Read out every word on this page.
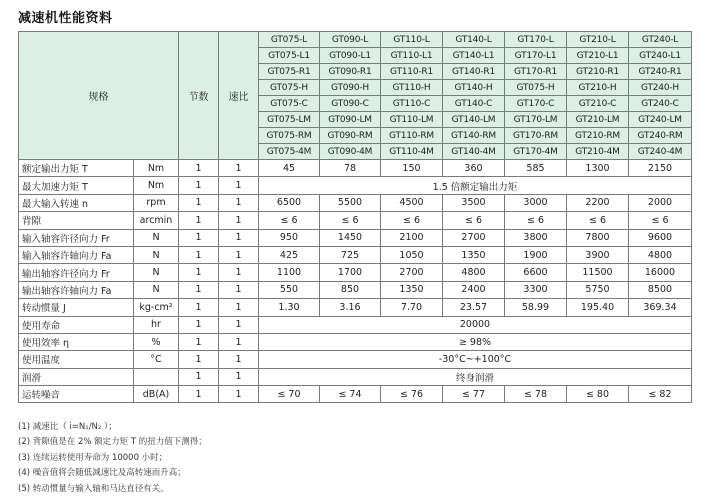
减速机性能资料
规格		节数	速比	GT075-L	GT090-L	GT110-L	GT140-L	GT170-L	GT210-L	GT240-L
				GT075-L1	GT090-L1	GT110-L1	GT140-L1	GT170-L1	GT210-L1	GT240-L1
				GT075-R1	GT090-R1	GT110-R1	GT140-R1	GT170-R1	GT210-R1	GT240-R1
				GT075-H	GT090-H	GT110-H	GT140-H	GT075-H	GT210-H	GT240-H
				GT075-C	GT090-C	GT110-C	GT140-C	GT170-C	GT210-C	GT240-C
				GT075-LM	GT090-LM	GT110-LM	GT140-LM	GT170-LM	GT210-LM	GT240-LM
				GT075-RM	GT090-RM	GT110-RM	GT140-RM	GT170-RM	GT210-RM	GT240-RM
				GT075-4M	GT090-4M	GT110-4M	GT140-4M	GT170-4M	GT210-4M	GT240-4M
额定输出力矩 T	Nm	1	1	45	78	150	360	585	1300	2150
最大加速力矩 T	Nm	1	1	1.5 倍额定输出力矩						
最大输入转速 n	rpm	1	1	6500	5500	4500	3500	3000	2200	2000
背隙	arcmin	1	1	≤ 6	≤ 6	≤ 6	≤ 6	≤ 6	≤ 6	≤ 6
输入轴容许径向力 Fr	N	1	1	950	1450	2100	2700	3800	7800	9600
输入轴容许轴向力 Fa	N	1	1	425	725	1050	1350	1900	3900	4800
输出轴容许径向力 Fr	N	1	1	1100	1700	2700	4800	6600	11500	16000
输出轴容许轴向力 Fa	N	1	1	550	850	1350	2400	3300	5750	8500
转动惯量 J	kg-cm²	1	1	1.30	3.16	7.70	23.57	58.99	195.40	369.34
使用寿命	hr	1	1	20000						
使用效率 η	%	1	1	≥ 98%						
使用温度	°C	1	1	-30°C~+100°C						
润滑		1	1	终身润滑						
运转噪音	dB(A)	1	1	≤ 70	≤ 74	≤ 76	≤ 77	≤ 78	≤ 80	≤ 82
(1) 减速比（ i=N₁/N₂ ）；
(2) 背隙值是在 2% 额定力矩 T 的扭力值下测得；
(3) 连续运转使用寿命为 10000 小时；
(4) 噪音值将会随低减速比及高转速而升高；
(5) 转动惯量与输入轴和马达直径有关。
